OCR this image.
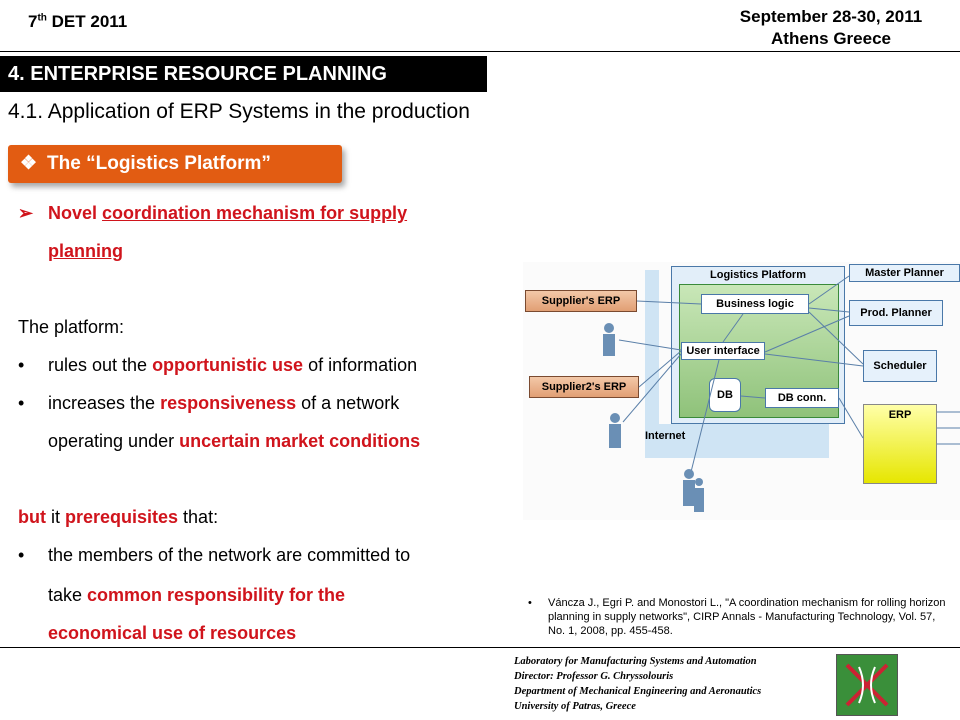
7th DET 2011	September 28-30, 2011
Athens Greece
4. ENTERPRISE RESOURCE PLANNING
4.1. Application of ERP Systems in the production
❖ The “Logistics Platform”
➢ Novel coordination mechanism for supply
planning
The platform:
• rules out the opportunistic use of information
• increases the responsiveness of a network
operating under uncertain market conditions
but it prerequisites that:
• the members of the network are committed to
take common responsibility for the
economical use of resources
Internet
Logistics Platform
Business logic
User interface
DB	DB conn.
Master Planner
Prod. Planner
Scheduler
ERP
Supplier's ERP
Supplier2's ERP
• Váncza J., Egri P. and Monostori L., "A coordination mechanism for rolling horizon planning in supply networks", CIRP Annals - Manufacturing Technology, Vol. 57, No. 1, 2008, pp. 455-458.
Laboratory for Manufacturing Systems and Automation
Director: Professor G. Chryssolouris
Department of Mechanical Engineering and Aeronautics
University of Patras, Greece
